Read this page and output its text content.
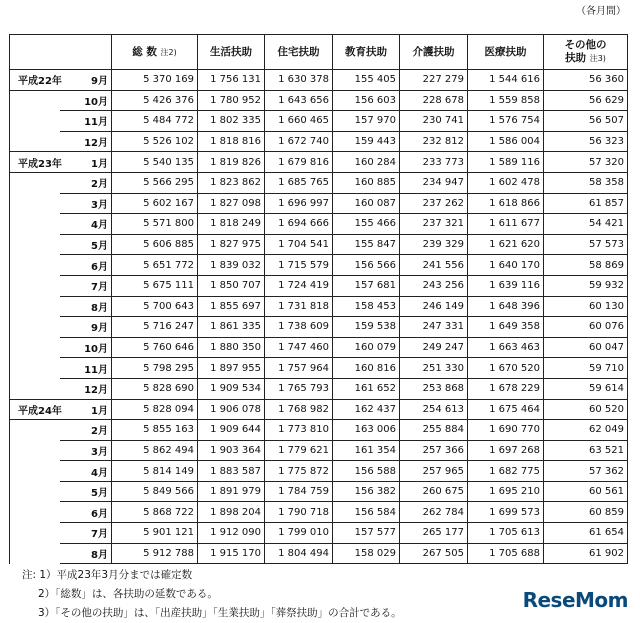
（各月間）
		総 数 注2)	生活扶助	住宅扶助	教育扶助	介護扶助	医療扶助	その他の
扶助 注3)
平成22年	9月	5 370 169	1 756 131	1 630 378	155 405	227 279	1 544 616	56 360
	10月	5 426 376	1 780 952	1 643 656	156 603	228 678	1 559 858	56 629
	11月	5 484 772	1 802 335	1 660 465	157 970	230 741	1 576 754	56 507
	12月	5 526 102	1 818 816	1 672 740	159 443	232 812	1 586 004	56 323
平成23年	1月	5 540 135	1 819 826	1 679 816	160 284	233 773	1 589 116	57 320
	2月	5 566 295	1 823 862	1 685 765	160 885	234 947	1 602 478	58 358
	3月	5 602 167	1 827 098	1 696 997	160 087	237 262	1 618 866	61 857
	4月	5 571 800	1 818 249	1 694 666	155 466	237 321	1 611 677	54 421
	5月	5 606 885	1 827 975	1 704 541	155 847	239 329	1 621 620	57 573
	6月	5 651 772	1 839 032	1 715 579	156 566	241 556	1 640 170	58 869
	7月	5 675 111	1 850 707	1 724 419	157 681	243 256	1 639 116	59 932
	8月	5 700 643	1 855 697	1 731 818	158 453	246 149	1 648 396	60 130
	9月	5 716 247	1 861 335	1 738 609	159 538	247 331	1 649 358	60 076
	10月	5 760 646	1 880 350	1 747 460	160 079	249 247	1 663 463	60 047
	11月	5 798 295	1 897 955	1 757 964	160 816	251 330	1 670 520	59 710
	12月	5 828 690	1 909 534	1 765 793	161 652	253 868	1 678 229	59 614
平成24年	1月	5 828 094	1 906 078	1 768 982	162 437	254 613	1 675 464	60 520
	2月	5 855 163	1 909 644	1 773 810	163 006	255 884	1 690 770	62 049
	3月	5 862 494	1 903 364	1 779 621	161 354	257 366	1 697 268	63 521
	4月	5 814 149	1 883 587	1 775 872	156 588	257 965	1 682 775	57 362
	5月	5 849 566	1 891 979	1 784 759	156 382	260 675	1 695 210	60 561
	6月	5 868 722	1 898 204	1 790 718	156 584	262 784	1 699 573	60 859
	7月	5 901 121	1 912 090	1 799 010	157 577	265 177	1 705 613	61 654
	8月	5 912 788	1 915 170	1 804 494	158 029	267 505	1 705 688	61 902
注: 1）平成23年3月分までは確定数
2）「総数」は、各扶助の延数である。
3）「その他の扶助」は、「出産扶助」「生業扶助」「葬祭扶助」の合計である。
ReseMom
